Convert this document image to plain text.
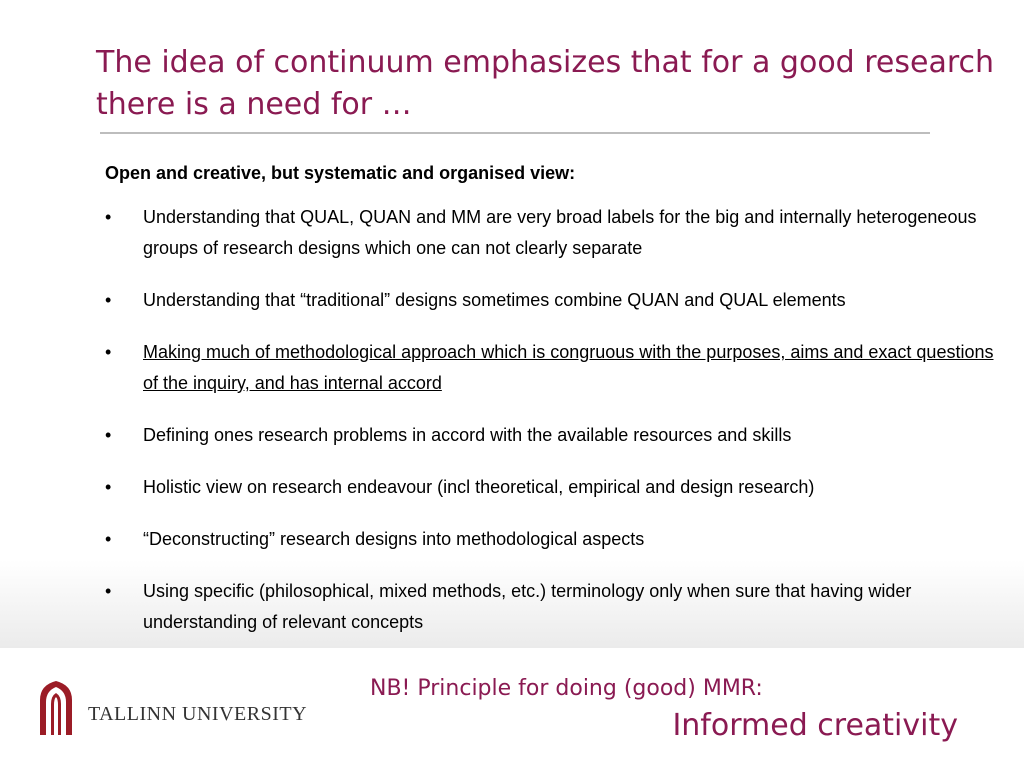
The idea of continuum emphasizes that for a good research there is a need for …

Open and creative, but systematic and organised view:

•	Understanding that QUAL, QUAN and MM are very broad labels for the big and internally heterogeneous groups of research designs which one can not clearly separate
•	Understanding that “traditional” designs sometimes combine QUAN and QUAL elements
•	Making much of methodological approach which is congruous with the purposes, aims and exact questions of the inquiry, and has internal accord
•	Defining ones research problems in accord with the available resources and skills
•	Holistic view on research endeavour (incl theoretical, empirical and design research)
•	“Deconstructing” research designs into methodological aspects
•	Using specific (philosophical, mixed methods, etc.) terminology only when sure that having wider understanding of relevant concepts
TALLINN UNIVERSITY
NB! Principle for doing (good) MMR:
Informed creativity
